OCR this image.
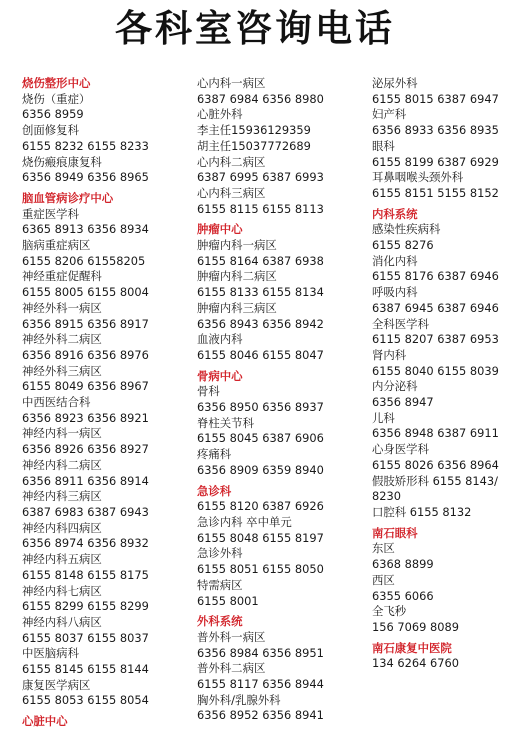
各科室咨询电话
烧伤整形中心
烧伤（重症）
6356 8959
创面修复科
6155 8232 6155 8233
烧伤瘢痕康复科
6356 8949 6356 8965
脑血管病诊疗中心
重症医学科
6365 8913 6356 8934
脑病重症病区
6155 8206 61558205
神经重症促醒科
6155 8005 6155 8004
神经外科一病区
6356 8915 6356 8917
神经外科二病区
6356 8916 6356 8976
神经外科三病区
6155 8049 6356 8967
中西医结合科
6356 8923 6356 8921
神经内科一病区
6356 8926 6356 8927
神经内科二病区
6356 8911 6356 8914
神经内科三病区
6387 6983 6387 6943
神经内科四病区
6356 8974 6356 8932
神经内科五病区
6155 8148 6155 8175
神经内科七病区
6155 8299 6155 8299
神经内科八病区
6155 8037 6155 8037
中医脑病科
6155 8145 6155 8144
康复医学病区
6155 8053 6155 8054
心脏中心
心内科一病区
6387 6984 6356 8980
心脏外科
李主任15936129359
胡主任15037772689
心内科二病区
6387 6995 6387 6993
心内科三病区
6155 8115 6155 8113
肿瘤中心
肿瘤内科一病区
6155 8164 6387 6938
肿瘤内科二病区
6155 8133 6155 8134
肿瘤内科三病区
6356 8943 6356 8942
血液内科
6155 8046 6155 8047
骨病中心
骨科
6356 8950 6356 8937
脊柱关节科
6155 8045 6387 6906
疼痛科
6356 8909 6359 8940
急诊科
6155 8120 6387 6926
急诊内科 卒中单元
6155 8048 6155 8197
急诊外科
6155 8051 6155 8050
特需病区
6155 8001
外科系统
普外科一病区
6356 8984 6356 8951
普外科二病区
6155 8117 6356 8944
胸外科/乳腺外科
6356 8952 6356 8941
泌尿外科
6155 8015 6387 6947
妇产科
6356 8933 6356 8935
眼科
6155 8199 6387 6929
耳鼻咽喉头颈外科
6155 8151 5155 8152
内科系统
感染性疾病科
6155 8276
消化内科
6155 8176 6387 6946
呼吸内科
6387 6945 6387 6946
全科医学科
6115 8207 6387 6953
肾内科
6155 8040 6155 8039
内分泌科
6356 8947
儿科
6356 8948 6387 6911
心身医学科
6155 8026 6356 8964
假肢矫形科 6155 8143/
8230
口腔科 6155 8132
南石眼科
东区
6368 8899
西区
6355 6066
全飞秒
156 7069 8089
南石康复中医院
134 6264 6760
